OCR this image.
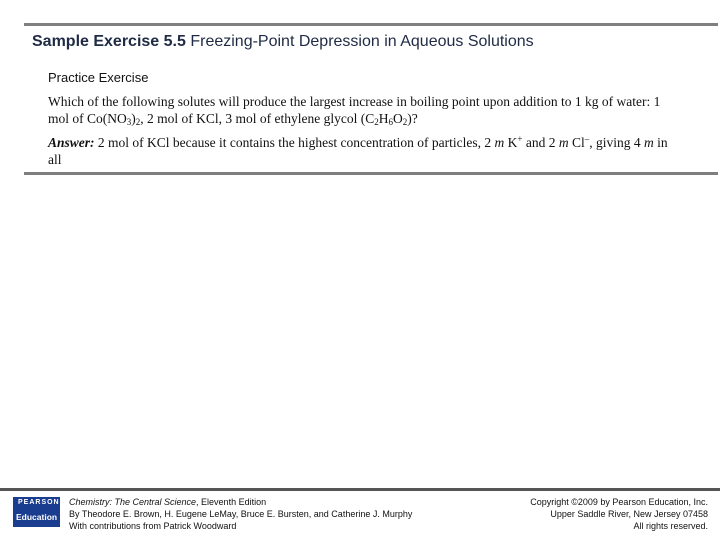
Sample Exercise 5.5 Freezing-Point Depression in Aqueous Solutions
Practice Exercise
Which of the following solutes will produce the largest increase in boiling point upon addition to 1 kg of water: 1 mol of $Co(NO_3)_2$, 2 mol of KCl, 3 mol of ethylene glycol $(C_2H_6O_2)$?
Answer: 2 mol of KCl because it contains the highest concentration of particles, 2 m K+ and 2 m Cl–, giving 4 m in all
PEARSON
Education
Chemistry: The Central Science, Eleventh Edition
By Theodore E. Brown, H. Eugene LeMay, Bruce E. Bursten, and Catherine J. Murphy
With contributions from Patrick Woodward
Copyright ©2009 by Pearson Education, Inc.
Upper Saddle River, New Jersey 07458
All rights reserved.
